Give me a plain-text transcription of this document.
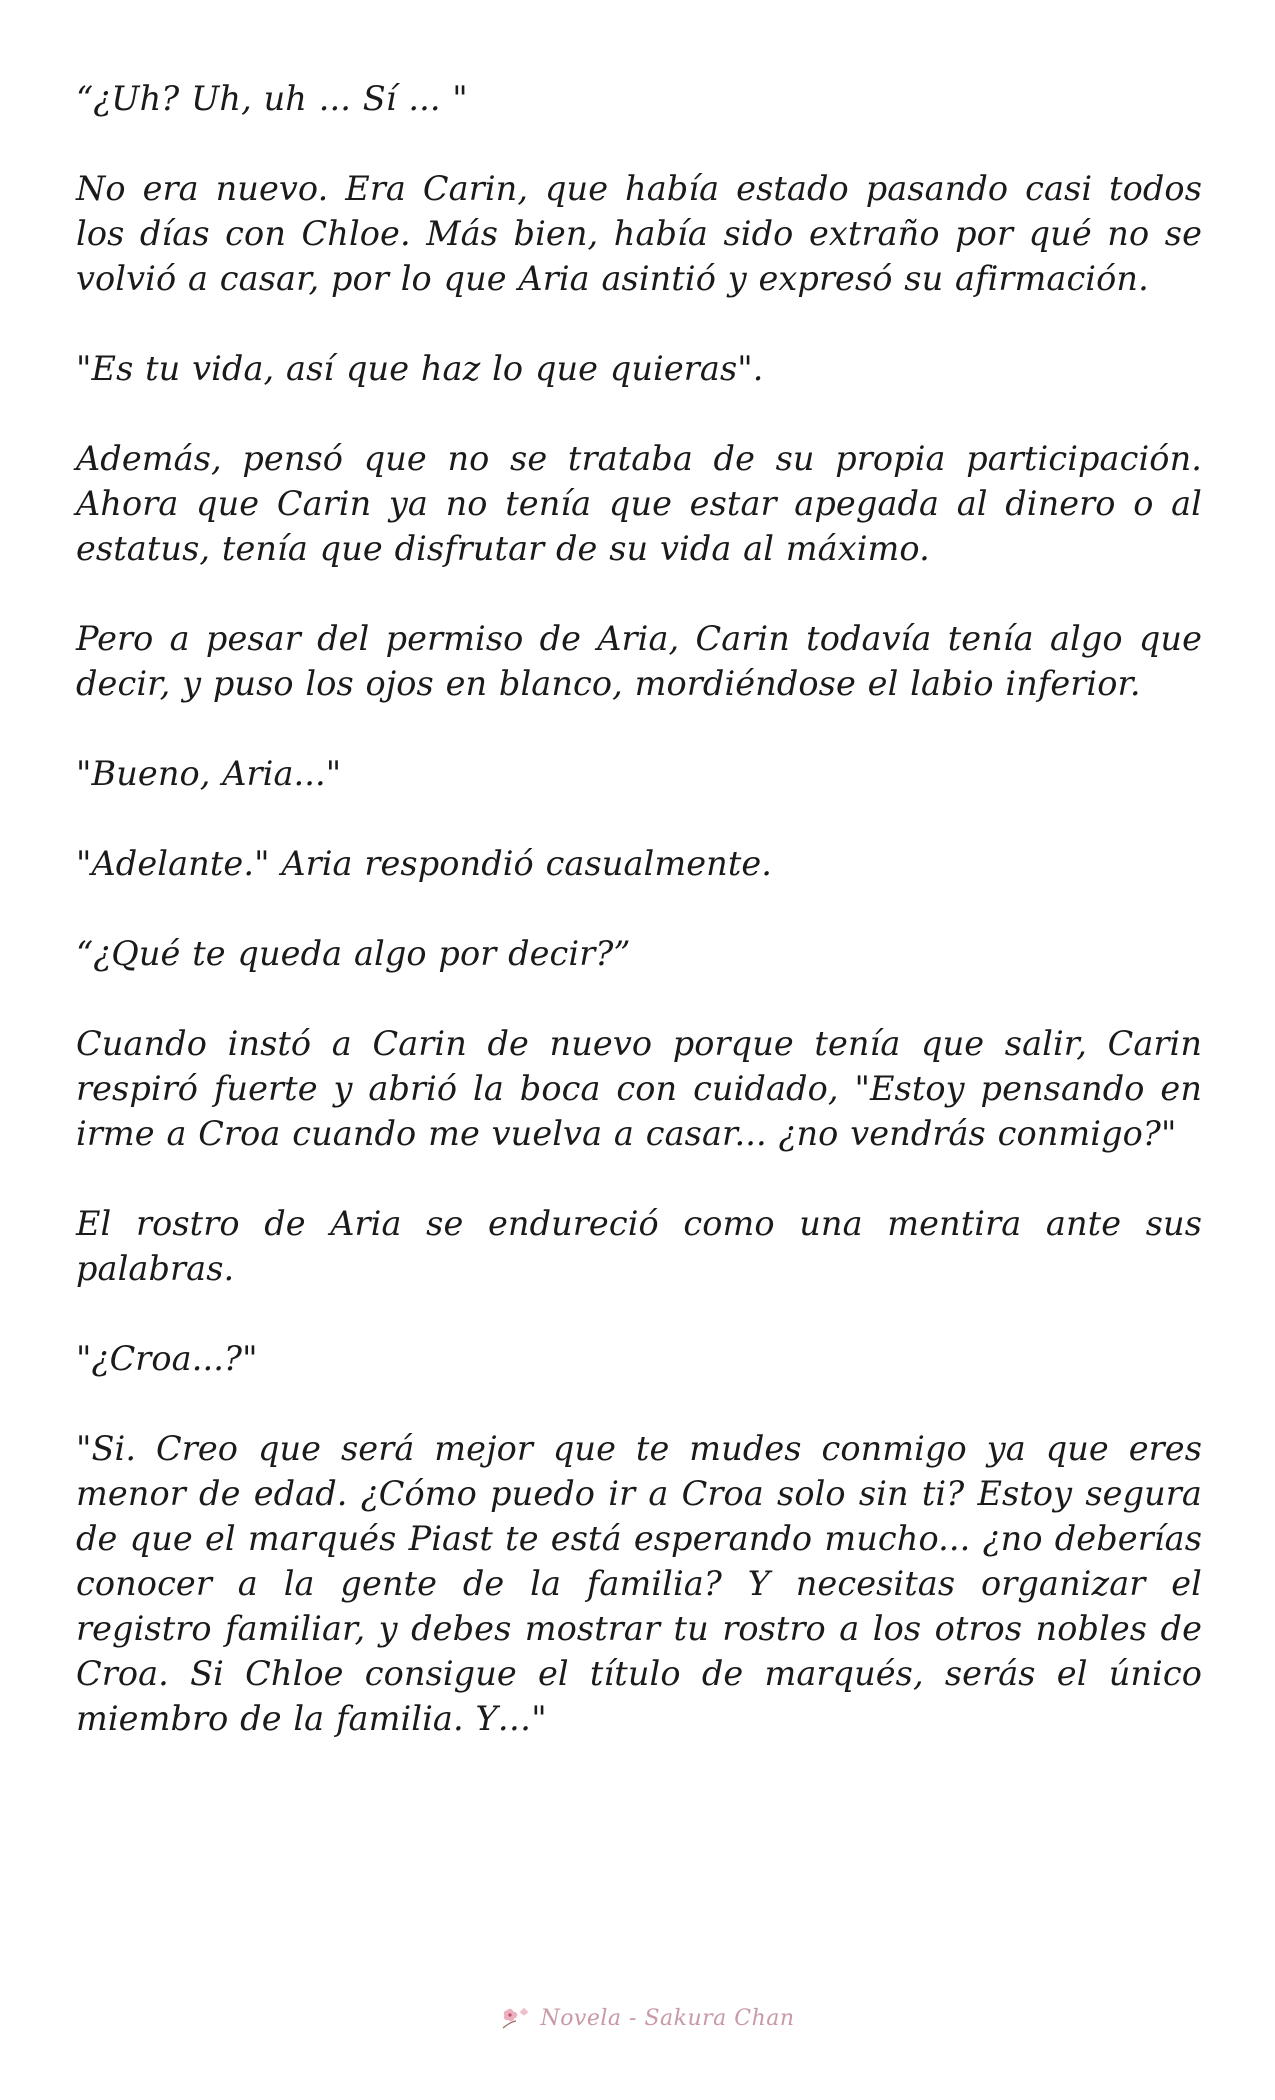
“¿Uh? Uh, uh ... Sí ... "

No era nuevo. Era Carin, que había estado pasando casi todos los días con Chloe. Más bien, había sido extraño por qué no se volvió a casar, por lo que Aria asintió y expresó su afirmación.

"Es tu vida, así que haz lo que quieras".

Además, pensó que no se trataba de su propia participación. Ahora que Carin ya no tenía que estar apegada al dinero o al estatus, tenía que disfrutar de su vida al máximo.

Pero a pesar del permiso de Aria, Carin todavía tenía algo que decir, y puso los ojos en blanco, mordiéndose el labio inferior.

"Bueno, Aria..."

"Adelante." Aria respondió casualmente.

“¿Qué te queda algo por decir?”

Cuando instó a Carin de nuevo porque tenía que salir, Carin respiró fuerte y abrió la boca con cuidado, "Estoy pensando en irme a Croa cuando me vuelva a casar... ¿no vendrás conmigo?"

El rostro de Aria se endureció como una mentira ante sus palabras.

"¿Croa...?"

"Si. Creo que será mejor que te mudes conmigo ya que eres menor de edad. ¿Cómo puedo ir a Croa solo sin ti? Estoy segura de que el marqués Piast te está esperando mucho... ¿no deberías conocer a la gente de la familia? Y necesitas organizar el registro familiar, y debes mostrar tu rostro a los otros nobles de Croa. Si Chloe consigue el título de marqués, serás el único miembro de la familia. Y…"

Novela - Sakura Chan
